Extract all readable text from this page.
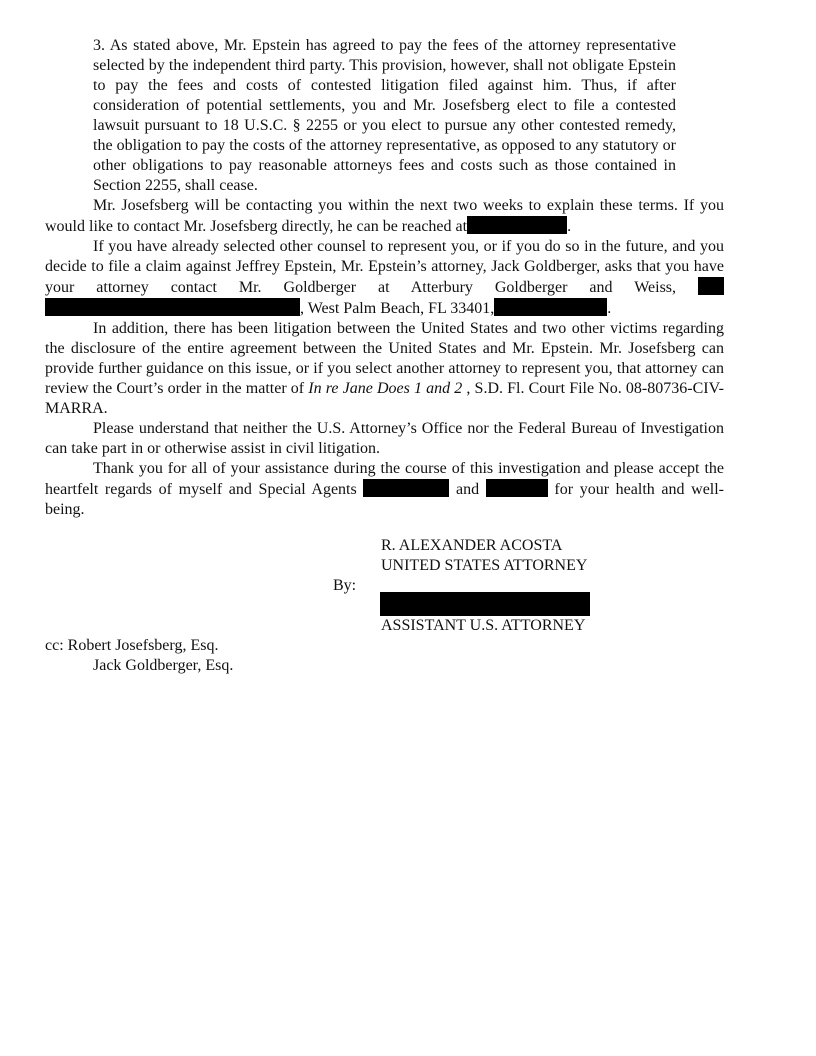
3. As stated above, Mr. Epstein has agreed to pay the fees of the attorney representative selected by the independent third party. This provision, however, shall not obligate Epstein to pay the fees and costs of contested litigation filed against him. Thus, if after consideration of potential settlements, you and Mr. Josefsberg elect to file a contested lawsuit pursuant to 18 U.S.C. § 2255 or you elect to pursue any other contested remedy, the obligation to pay the costs of the attorney representative, as opposed to any statutory or other obligations to pay reasonable attorneys fees and costs such as those contained in Section 2255, shall cease.
Mr. Josefsberg will be contacting you within the next two weeks to explain these terms. If you would like to contact Mr. Josefsberg directly, he can be reached at	.
If you have already selected other counsel to represent you, or if you do so in the future, and you decide to file a claim against Jeffrey Epstein, Mr. Epstein’s attorney, Jack Goldberger, asks that you have your attorney contact Mr. Goldberger at Atterbury Goldberger and Weiss,  , West Palm Beach, FL 33401,	.
In addition, there has been litigation between the United States and two other victims regarding the disclosure of the entire agreement between the United States and Mr. Epstein. Mr. Josefsberg can provide further guidance on this issue, or if you select another attorney to represent you, that attorney can review the Court’s order in the matter of In re Jane Does 1 and 2 , S.D. Fl. Court File No. 08-80736-CIV-MARRA.
Please understand that neither the U.S. Attorney’s Office nor the Federal Bureau of Investigation can take part in or otherwise assist in civil litigation.
Thank you for all of your assistance during the course of this investigation and please accept the heartfelt regards of myself and Special Agents	and	for your health and well-being.
R. ALEXANDER ACOSTA
UNITED STATES ATTORNEY
By:
ASSISTANT U.S. ATTORNEY
cc: Robert Josefsberg, Esq.
Jack Goldberger, Esq.
